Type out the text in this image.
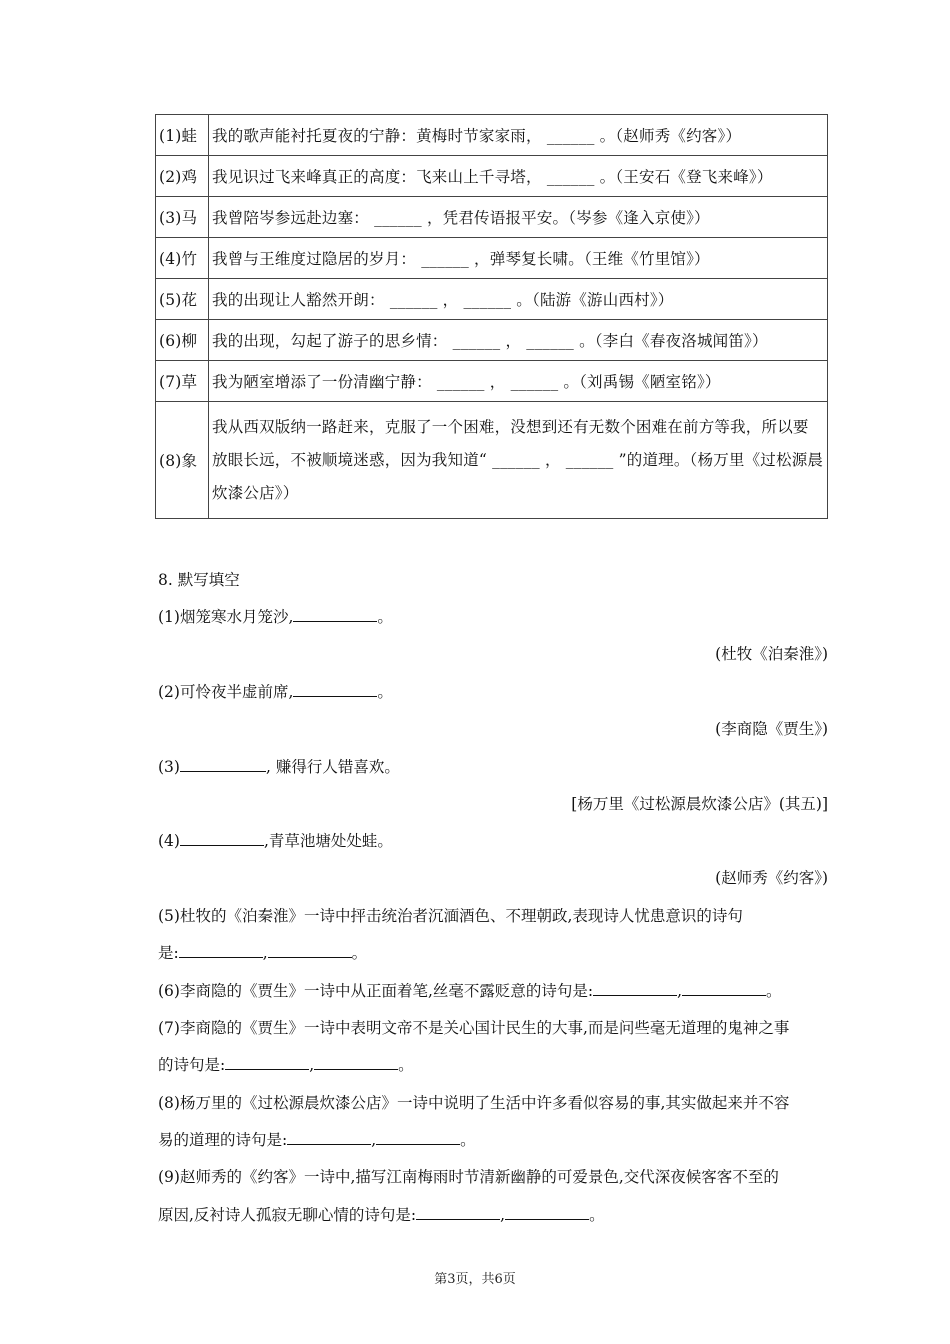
(1)蛙	我的歌声能衬托夏夜的宁静：黄梅时节家家雨， ______ 。（赵师秀《约客》）
(2)鸡	我见识过飞来峰真正的高度：飞来山上千寻塔， ______ 。（王安石《登飞来峰》）
(3)马	我曾陪岑参远赴边塞： ______ ，凭君传语报平安。（岑参《逢入京使》）
(4)竹	我曾与王维度过隐居的岁月： ______ ，弹琴复长啸。（王维《竹里馆》）
(5)花	我的出现让人豁然开朗： ______ ， ______ 。（陆游《游山西村》）
(6)柳	我的出现，勾起了游子的思乡情： ______ ， ______ 。（李白《春夜洛城闻笛》）
(7)草	我为陋室增添了一份清幽宁静： ______ ， ______ 。（刘禹锡《陋室铭》）
(8)象	我从西双版纳一路赶来，克服了一个困难，没想到还有无数个困难在前方等我，所以要放眼长远，不被顺境迷惑，因为我知道“ ______ ， ______ ”的道理。（杨万里《过松源晨炊漆公店》）
8. 默写填空
(1)烟笼寒水月笼沙,	。
(杜牧《泊秦淮》)
(2)可怜夜半虚前席,	。
(李商隐《贾生》)
(3)	, 赚得行人错喜欢。
[杨万里《过松源晨炊漆公店》(其五)]
(4)	,青草池塘处处蛙。
(赵师秀《约客》)
(5)杜牧的《泊秦淮》一诗中抨击统治者沉湎酒色、不理朝政,表现诗人忧患意识的诗句
是:	,	。
(6)李商隐的《贾生》一诗中从正面着笔,丝毫不露贬意的诗句是:	,	。
(7)李商隐的《贾生》一诗中表明文帝不是关心国计民生的大事,而是问些毫无道理的鬼神之事
的诗句是:	,	。
(8)杨万里的《过松源晨炊漆公店》一诗中说明了生活中许多看似容易的事,其实做起来并不容
易的道理的诗句是:	,	。
(9)赵师秀的《约客》一诗中,描写江南梅雨时节清新幽静的可爱景色,交代深夜候客客不至的
原因,反衬诗人孤寂无聊心情的诗句是:	,	。
第3页，共6页
